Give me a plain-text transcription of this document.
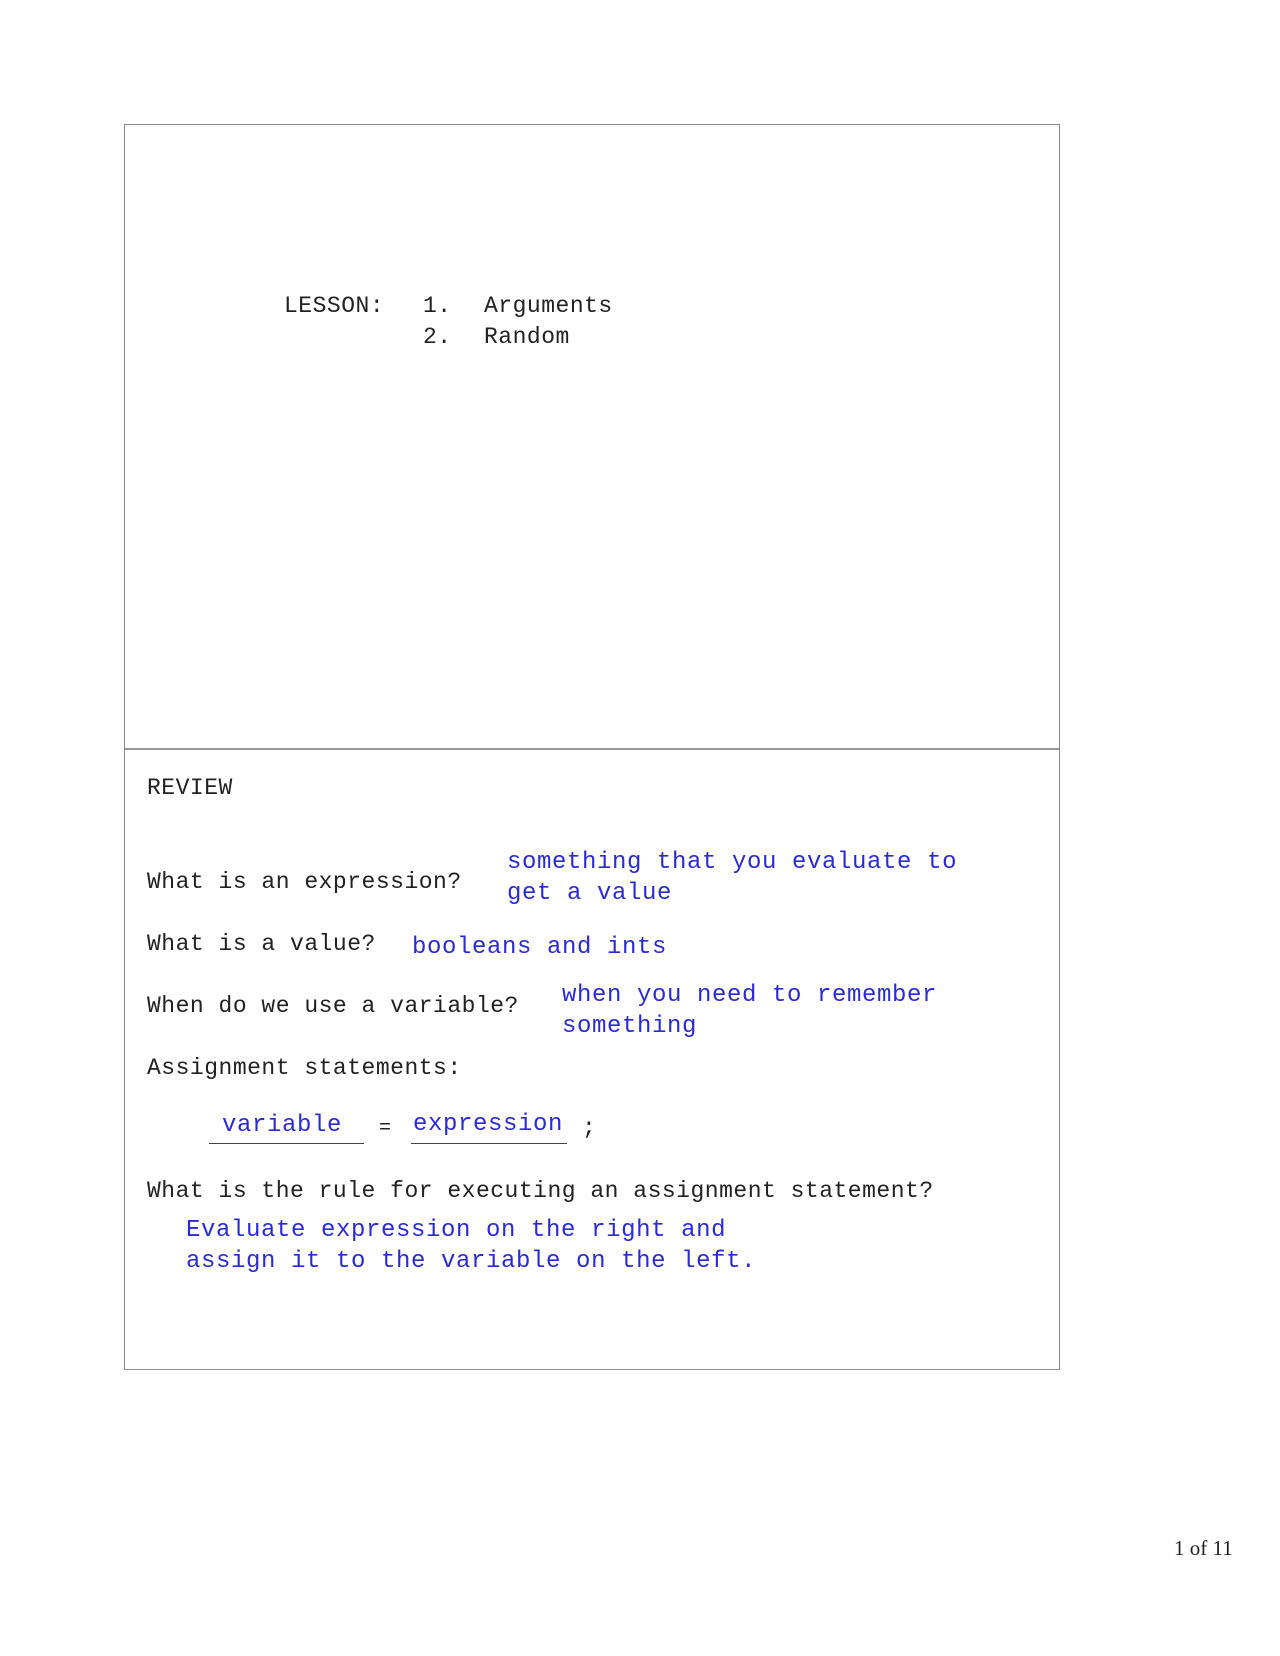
LESSON: 1. Arguments
2. Random
REVIEW
What is an expression?
something that you evaluate to
get a value
What is a value? booleans and ints
When do we use a variable? when you need to remember
something
Assignment statements:
variable = expression ;
What is the rule for executing an assignment statement?
Evaluate expression on the right and
assign it to the variable on the left.
1 of 11
